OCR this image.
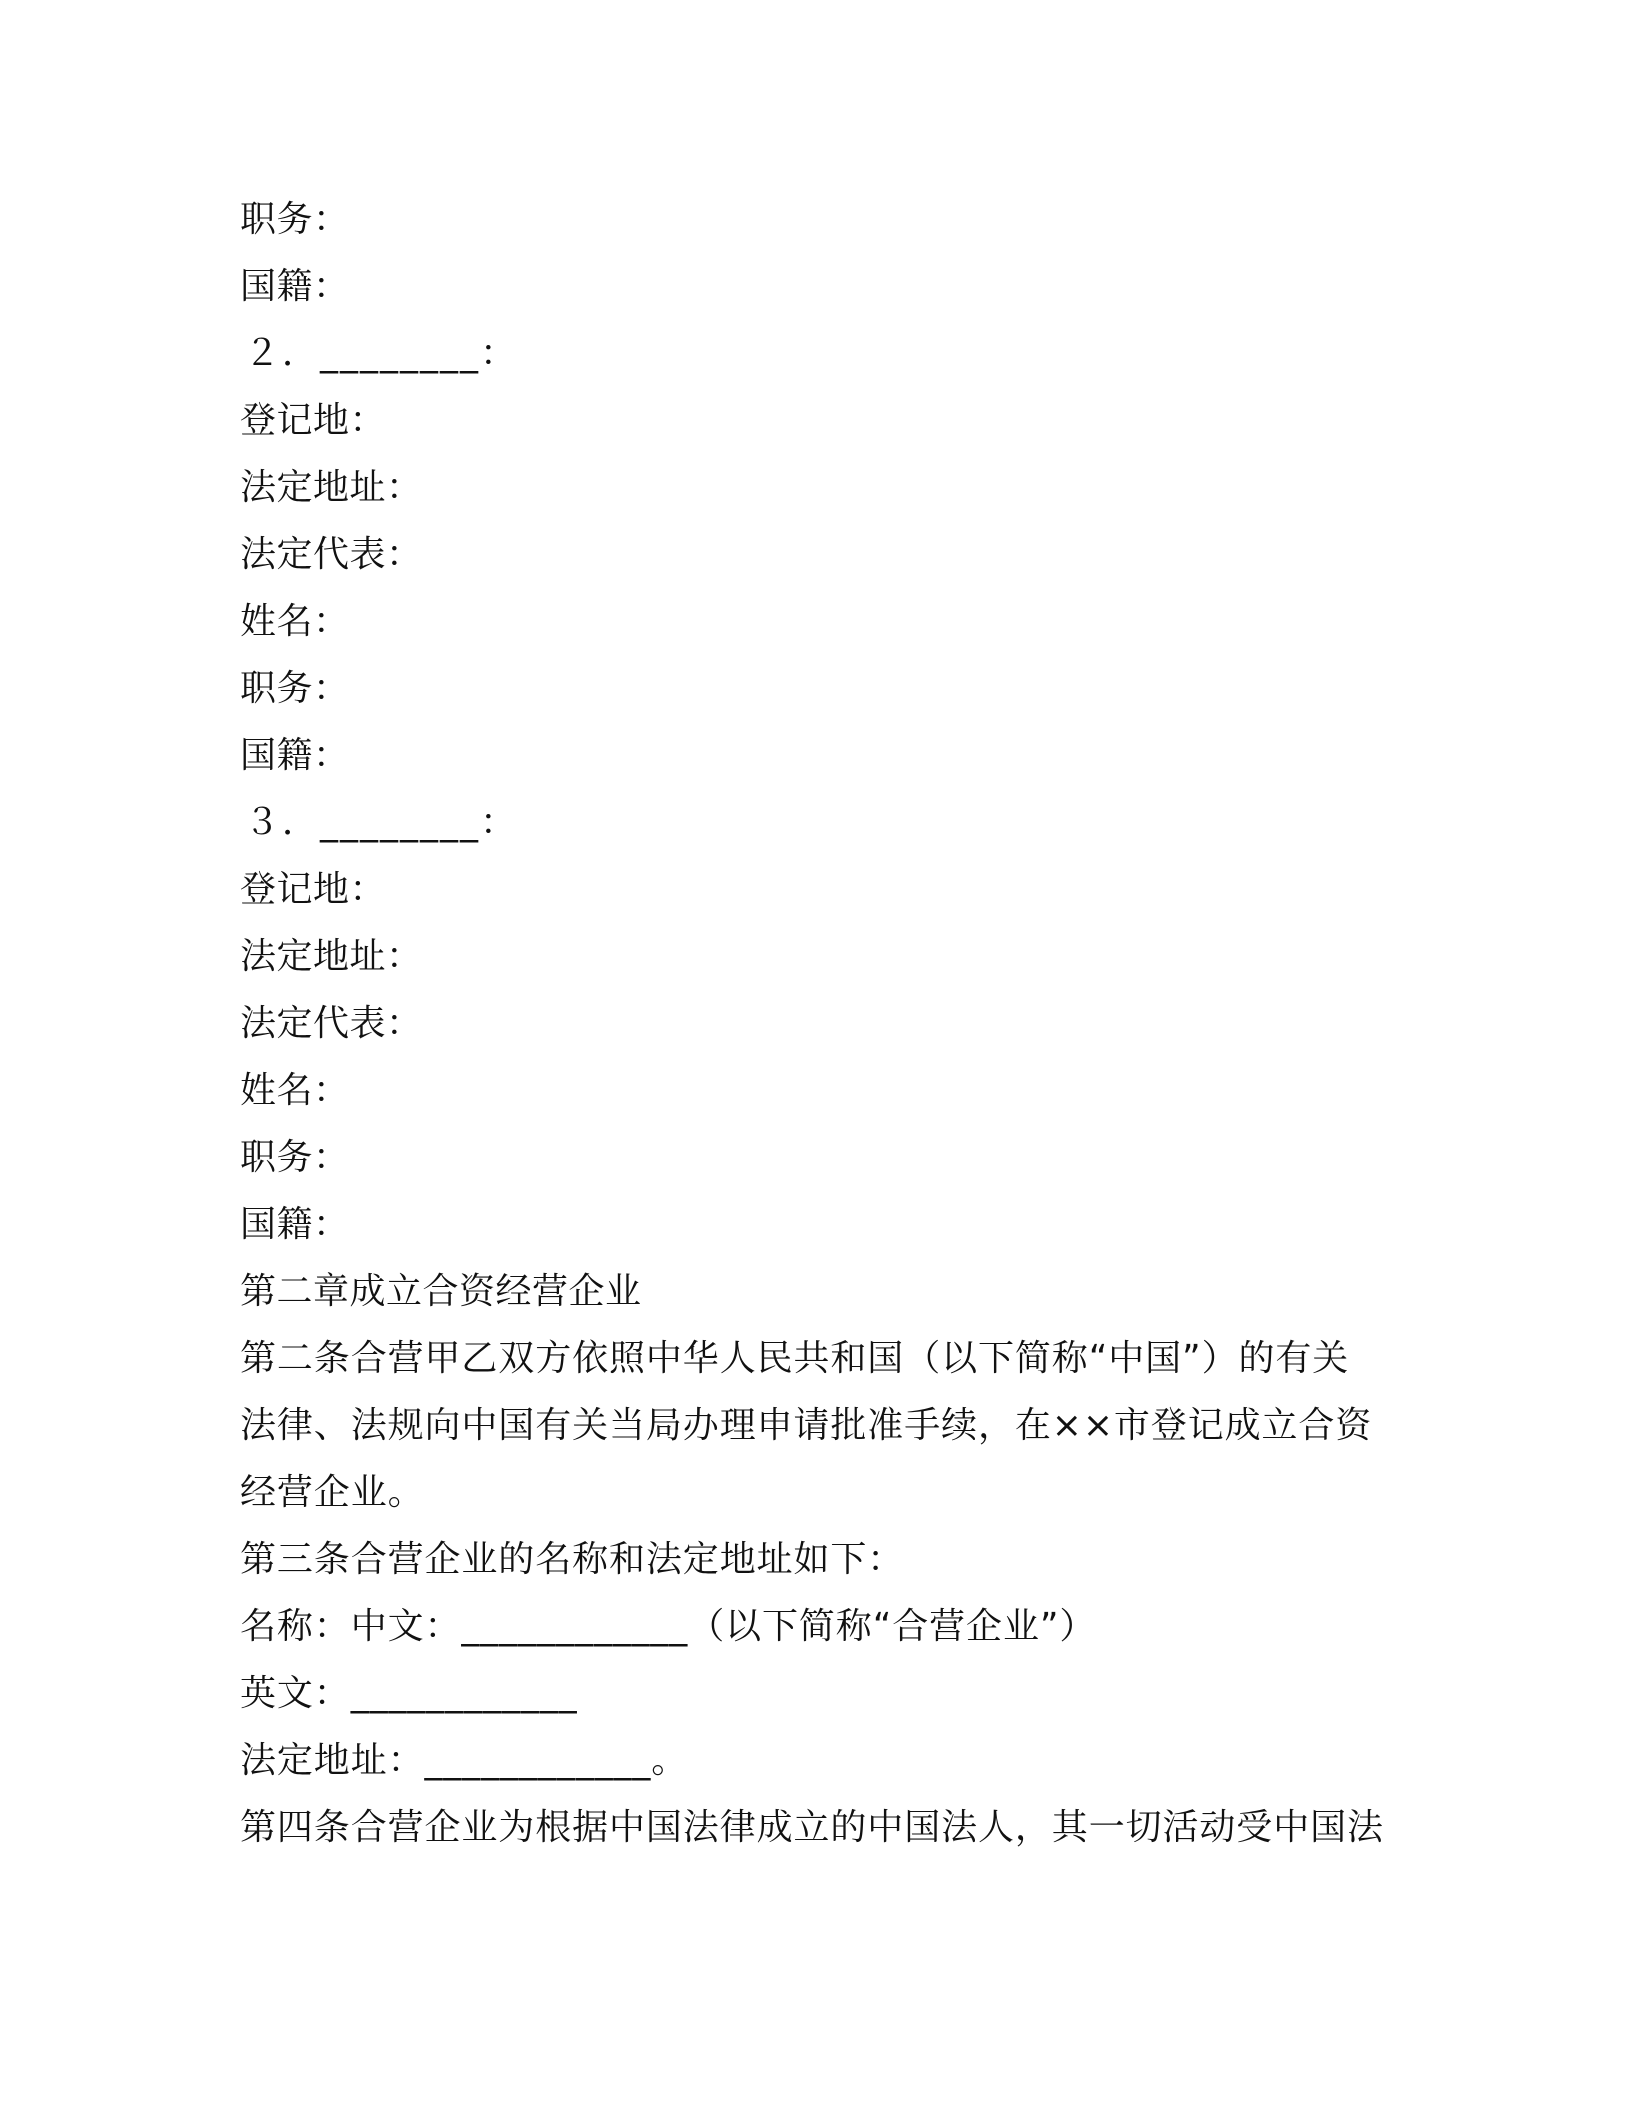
职务：
国籍：
２．________：
登记地：
法定地址：
法定代表：
姓名：
职务：
国籍：
３．________：
登记地：
法定地址：
法定代表：
姓名：
职务：
国籍：
第二章成立合资经营企业
第二条合营甲乙双方依照中华人民共和国（以下简称“中国”）的有关
法律、法规向中国有关当局办理申请批准手续，在××市登记成立合资
经营企业。
第三条合营企业的名称和法定地址如下：
名称：中文：____________（以下简称“合营企业”）
英文：____________
法定地址：____________。
第四条合营企业为根据中国法律成立的中国法人，其一切活动受中国法
